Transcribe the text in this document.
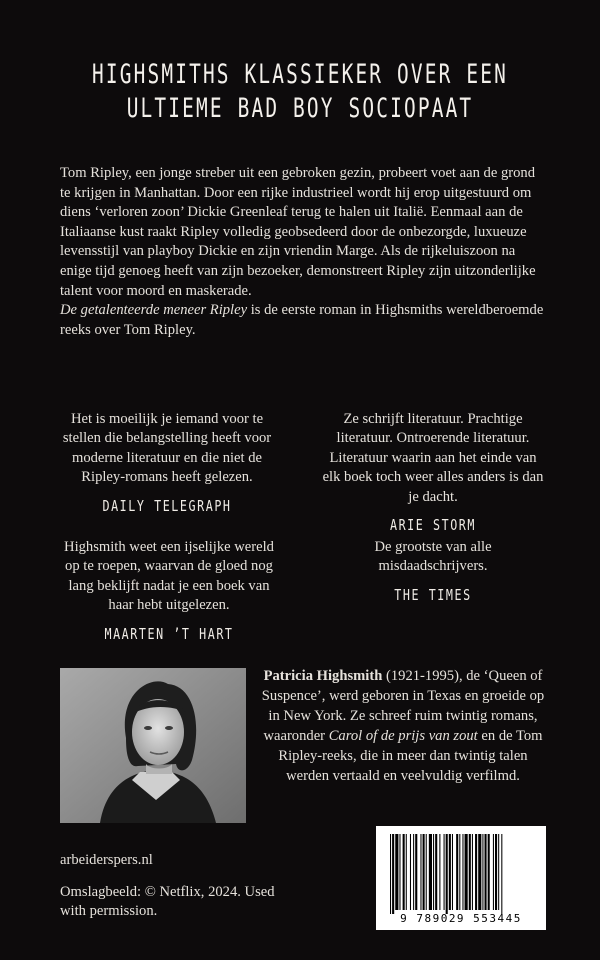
HIGHSMITHS KLASSIEKER OVER EEN
ULTIEME BAD BOY SOCIOPAAT

Tom Ripley, een jonge streber uit een gebroken gezin, probeert voet aan de grond te krijgen in Manhattan. Door een rijke industrieel wordt hij erop uitgestuurd om diens ‘verloren zoon’ Dickie Greenleaf terug te halen uit Italië. Eenmaal aan de Italiaanse kust raakt Ripley volledig geobsedeerd door de onbezorgde, luxueuze levensstijl van playboy Dickie en zijn vriendin Marge. Als de rijkeluiszoon na enige tijd genoeg heeft van zijn bezoeker, demonstreert Ripley zijn uitzonderlijke talent voor moord en maskerade.

De getalenteerde meneer Ripley is de eerste roman in Highsmiths wereldberoemde reeks over Tom Ripley.

Het is moeilijk je iemand voor te stellen die belangstelling heeft voor moderne literatuur en die niet de Ripley-romans heeft gelezen.
DAILY TELEGRAPH
Ze schrijft literatuur. Prachtige literatuur. Ontroerende literatuur. Literatuur waarin aan het einde van elk boek toch weer alles anders is dan je dacht.
ARIE STORM
Highsmith weet een ijselijke wereld op te roepen, waarvan de gloed nog lang beklijft nadat je een boek van haar hebt uitgelezen.
MAARTEN ’T HART
De grootste van alle misdaadschrijvers.
THE TIMES
Patricia Highsmith (1921-1995), de ‘Queen of Suspence’, werd geboren in Texas en groeide op in New York. Ze schreef ruim twintig romans, waaronder Carol of de prijs van zout en de Tom Ripley-reeks, die in meer dan twintig talen werden vertaald en veelvuldig verfilmd.
arbeiderspers.nl
Omslagbeeld: © Netflix, 2024. Used with permission.	9 789029 553445
